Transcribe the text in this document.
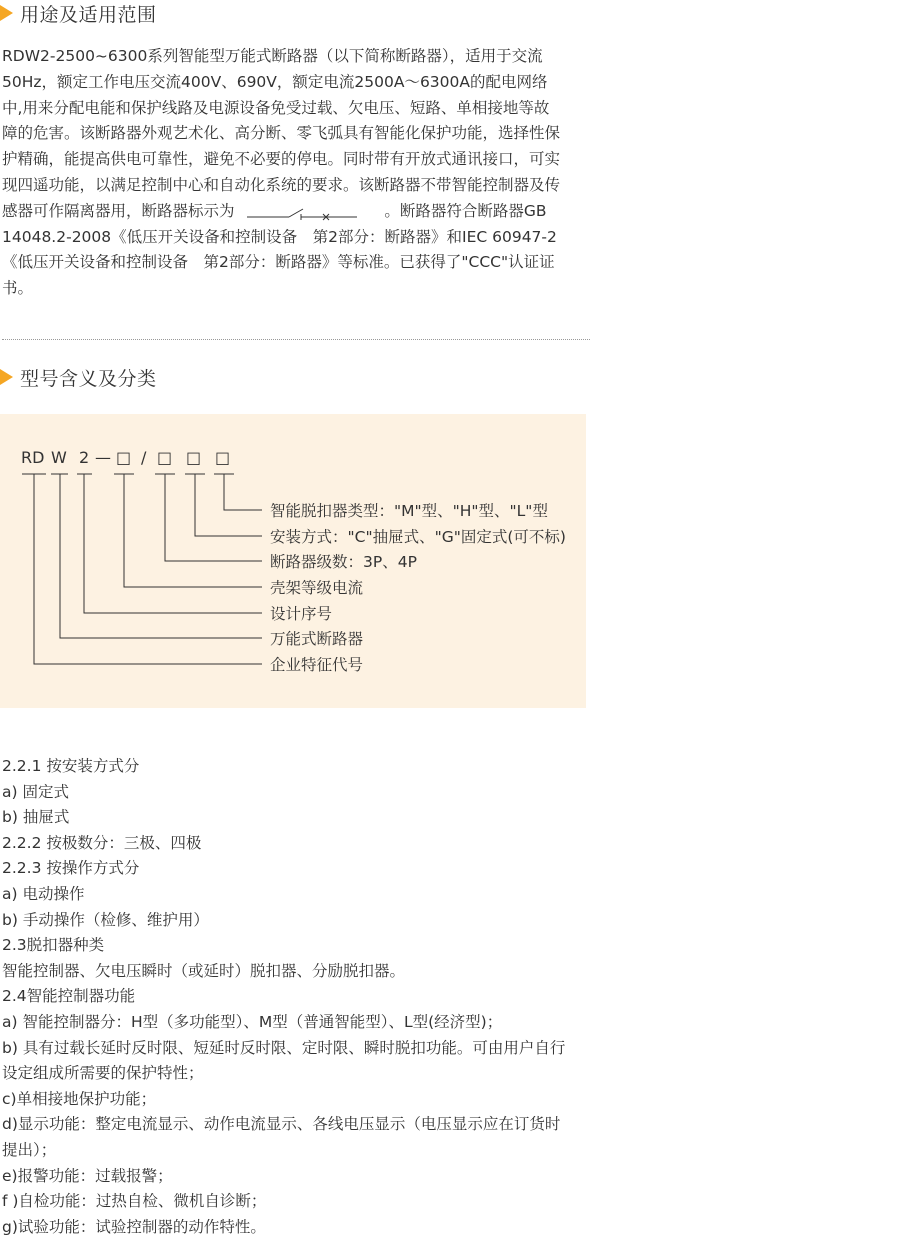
用途及适用范围
RDW2-2500~6300系列智能型万能式断路器（以下简称断路器），适用于交流
50Hz，额定工作电压交流400V、690V，额定电流2500A～6300A的配电网络
中,用来分配电能和保护线路及电源设备免受过载、欠电压、短路、单相接地等故
障的危害。该断路器外观艺术化、高分断、零飞弧具有智能化保护功能，选择性保
护精确，能提高供电可靠性，避免不必要的停电。同时带有开放式通讯接口，可实
现四遥功能，以满足控制中心和自动化系统的要求。该断路器不带智能控制器及传
感器可作隔离器用，断路器标示为	。断路器符合断路器GB
14048.2-2008《低压开关设备和控制设备　第2部分：断路器》和IEC 60947-2
《低压开关设备和控制设备　第2部分：断路器》等标准。已获得了"CCC"认证证
书。
型号含义及分类
RD W 2 — □ / □ □ □
智能脱扣器类型："M"型、"H"型、"L"型
安装方式："C"抽屉式、"G"固定式(可不标)
断路器级数：3P、4P
壳架等级电流
设计序号
万能式断路器
企业特征代号
2.2.1 按安装方式分
a) 固定式
b) 抽屉式
2.2.2 按极数分：三极、四极
2.2.3 按操作方式分
a) 电动操作
b) 手动操作（检修、维护用）
2.3脱扣器种类
智能控制器、欠电压瞬时（或延时）脱扣器、分励脱扣器。
2.4智能控制器功能
a) 智能控制器分：H型（多功能型）、M型（普通智能型）、L型(经济型)；
b) 具有过载长延时反时限、短延时反时限、定时限、瞬时脱扣功能。可由用户自行
设定组成所需要的保护特性；
c)单相接地保护功能；
d)显示功能：整定电流显示、动作电流显示、各线电压显示（电压显示应在订货时
提出）；
e)报警功能：过载报警；
f )自检功能：过热自检、微机自诊断；
g)试验功能：试验控制器的动作特性。
